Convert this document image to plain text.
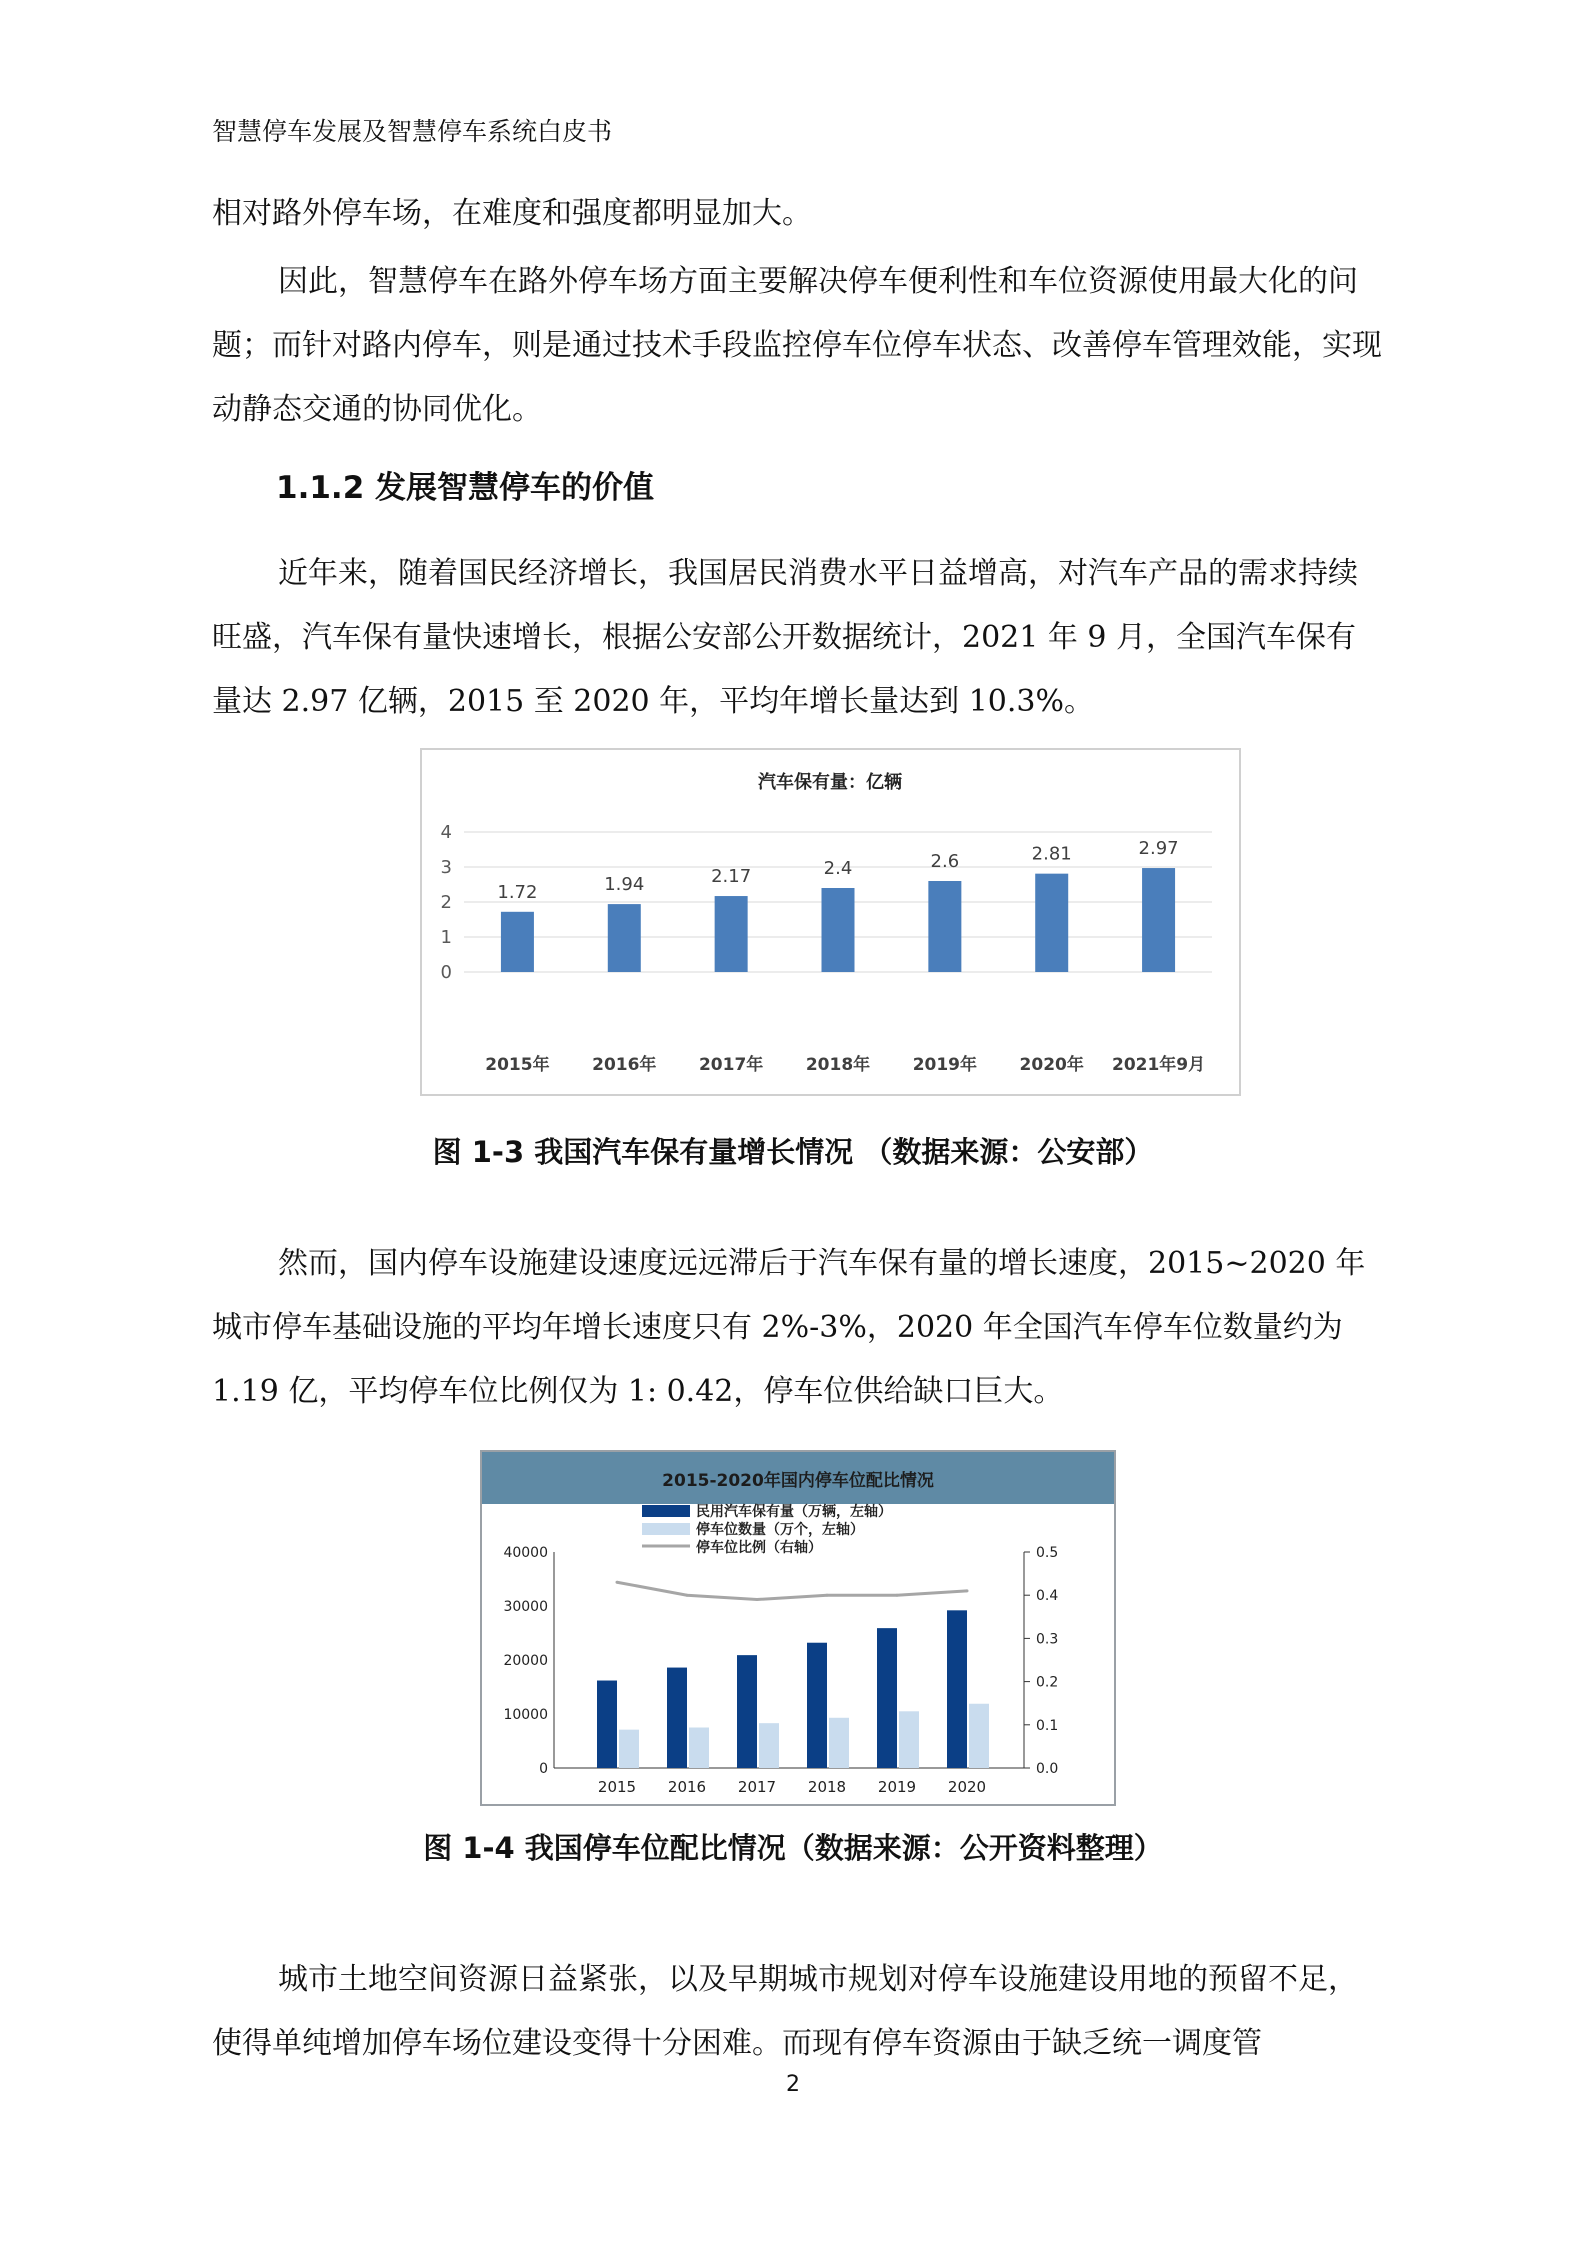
智慧停车发展及智慧停车系统白皮书

相对路外停车场，在难度和强度都明显加大。

因此，智慧停车在路外停车场方面主要解决停车便利性和车位资源使用最大化的问题；而针对路内停车，则是通过技术手段监控停车位停车状态、改善停车管理效能，实现动静态交通的协同优化。

1.1.2 发展智慧停车的价值

近年来，随着国民经济增长，我国居民消费水平日益增高，对汽车产品的需求持续旺盛，汽车保有量快速增长，根据公安部公开数据统计，2021 年 9 月，全国汽车保有量达 2.97 亿辆，2015 至 2020 年，平均年增长量达到 10.3%。

汽车保有量：亿辆
0
1
2
3
4
1.72	1.94	2.17	2.4	2.6	2.81	2.97
2015年	2016年	2017年	2018年	2019年	2020年 2021年9月
图 1-3 我国汽车保有量增长情况 （数据来源：公安部）

然而，国内停车设施建设速度远远滞后于汽车保有量的增长速度，2015~2020 年城市停车基础设施的平均年增长速度只有 2%-3%，2020 年全国汽车停车位数量约为 1.19 亿，平均停车位比例仅为 1: 0.42，停车位供给缺口巨大。

2015-2020年国内停车位配比情况
民用汽车保有量（万辆，左轴）
停车位数量（万个，左轴）
停车位比例（右轴）
0
10000
20000
30000
40000
0.0
0.1
0.2
0.3
0.4
0.5
2015 2016 2017 2018 2019 2020
图 1-4 我国停车位配比情况（数据来源：公开资料整理）

城市土地空间资源日益紧张，以及早期城市规划对停车设施建设用地的预留不足，使得单纯增加停车场位建设变得十分困难。而现有停车资源由于缺乏统一调度管

2
